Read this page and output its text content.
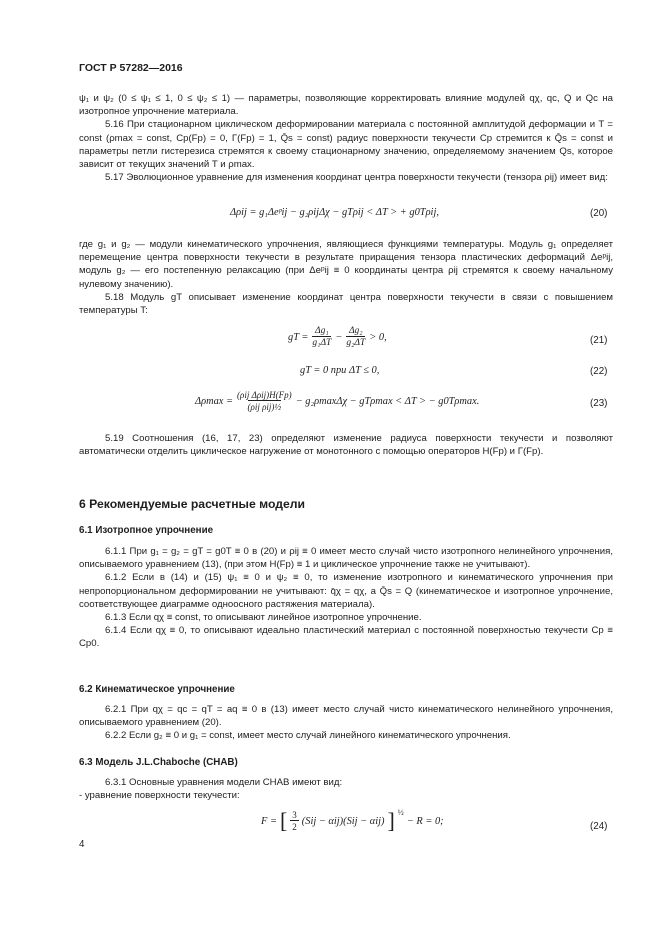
ГОСТ Р 57282—2016

ψ₁ и ψ₂ (0 ≤ ψ₁ ≤ 1, 0 ≤ ψ₂ ≤ 1) — параметры, позволяющие корректировать влияние модулей qχ, qc, Q и Qc на изотропное упрочнение материала.

5.16 При стационарном циклическом деформировании материала с постоянной амплитудой деформации и T = const (ρmax = const, Cp(Fp) = 0, Γ(Fp) = 1, Q̄s = const) радиус поверхности текучести Cp стремится к Q̄s = const и параметры петли гистерезиса стремятся к своему стационарному значению, определяемому значением Qs, которое зависит от текущих значений T и ρmax.

5.17 Эволюционное уравнение для изменения координат центра поверхности текучести (тензора ρij) имеет вид:

Δρij = g₁Δeᵖij − g₂ρijΔχ − gTρij < ΔT > + g0Tρij,	(20)

где g₁ и g₂ — модули кинематического упрочнения, являющиеся функциями температуры. Модуль g₁ определяет перемещение центра поверхности текучести в результате приращения тензора пластических деформаций Δeᵖij, модуль g₂ — его постепенную релаксацию (при Δeᵖij ≡ 0 координаты центра ρij стремятся к своему начальному нулевому значению).

5.18 Модуль gT описывает изменение координат центра поверхности текучести в связи с повышением температуры T:

gT = $\frac{\text{Δg₁}}{\text{g₁ΔT}} - \frac{\text{Δg₂}}{\text{g₂ΔT}} > 0$,	(21)
gT = 0 при ΔT ≤ 0,	(22)
Δρmax =
(ρij Δρij)H(Fp)
(ρij ρij)½
− g₂ρmaxΔχ − gTρmax < ΔT > − g0Tρmax.	(23)

5.19 Соотношения (16, 17, 23) определяют изменение радиуса поверхности текучести и позволяют автоматически отделить циклическое нагружение от монотонного с помощью операторов H(Fp) и Γ(Fp).

6 Рекомендуемые расчетные модели
6.1 Изотропное упрочнение

6.1.1 При g₁ = g₂ = gT = g0T ≡ 0 в (20) и ρij ≡ 0 имеет место случай чисто изотропного нелинейного упрочнения, описываемого уравнением (13), (при этом H(Fp) ≡ 1 и циклическое упрочнение также не учитывают).

6.1.2 Если в (14) и (15) ψ₁ ≡ 0 и ψ₂ ≡ 0, то изменение изотропного и кинематического упрочнения при непропорциональном деформировании не учитывают: q̄χ = qχ, а Q̄s = Q (кинематическое и изотропное упрочнение, соответствующее диаграмме одноосного растяжения материала).

6.1.3 Если qχ ≡ const, то описывают линейное изотропное упрочнение.

6.1.4 Если qχ ≡ 0, то описывают идеально пластический материал с постоянной поверхностью текучести Cp ≡ Cp0.

6.2 Кинематическое упрочнение

6.2.1 При qχ = qc = qT = aq ≡ 0 в (13) имеет место случай чисто кинематического нелинейного упрочнения, описываемого уравнением (20).

6.2.2 Если g₂ ≡ 0 и g₁ = const, имеет место случай линейного кинематического упрочнения.

6.3 Модель J.L.Chaboche (CHAB)

6.3.1 Основные уравнения модели CHAB имеют вид:

- уравнение поверхности текучести:

F = [ $\frac{3}{2} (Sij - \alpha ij)(Sij - \alpha ij)$ ] ½
− R = 0;	(24)
4
